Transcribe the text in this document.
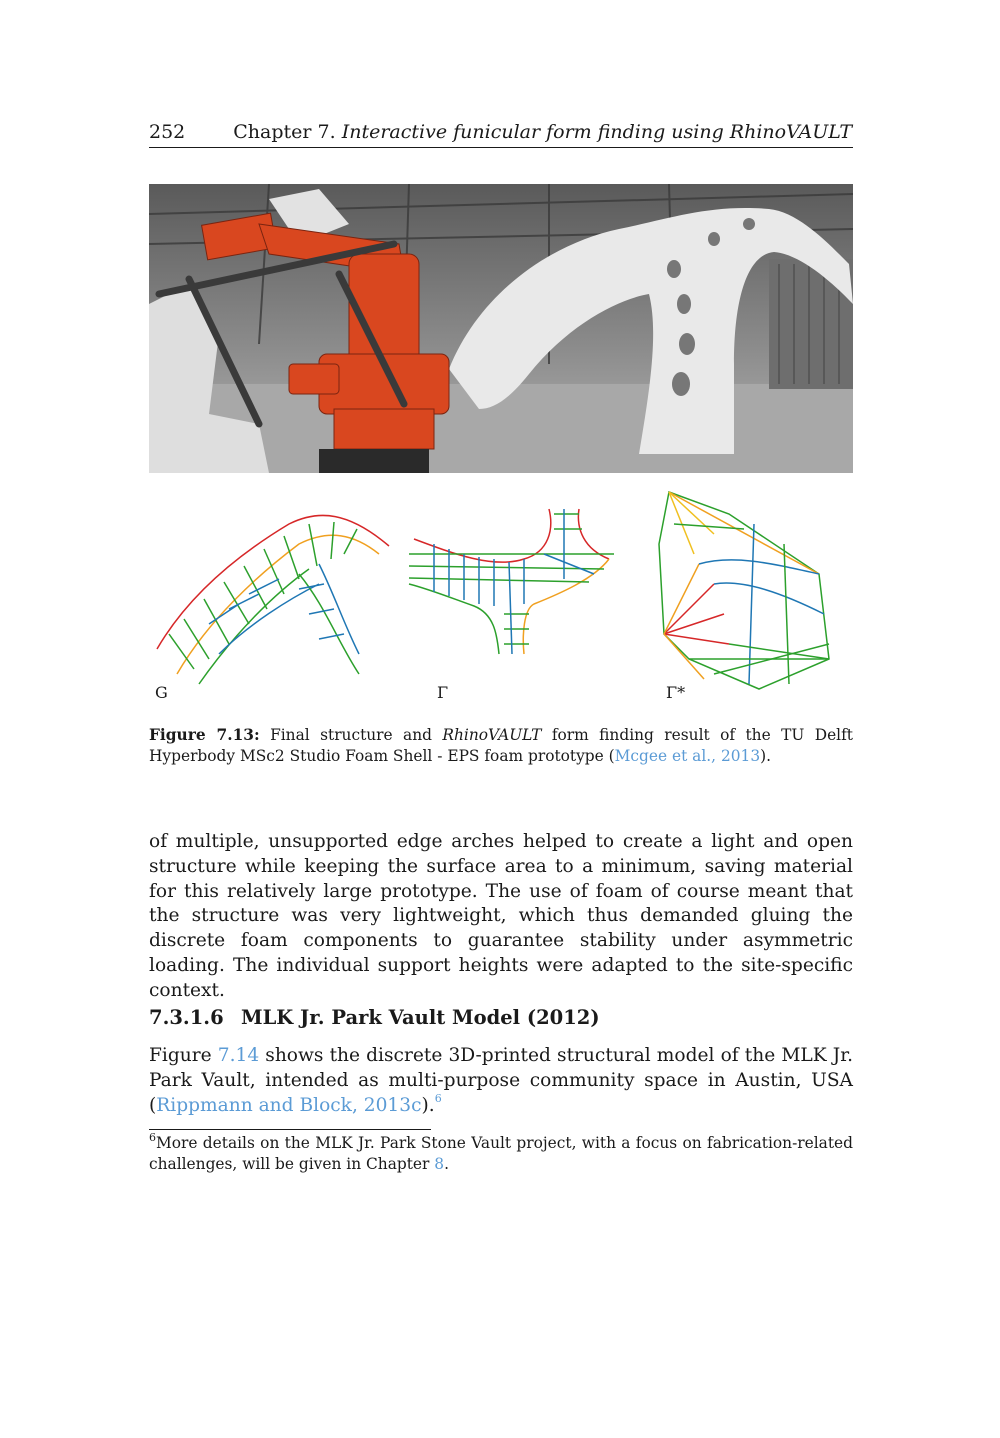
252	Chapter 7. Interactive funicular form finding using RhinoVAULT
G	Γ	Γ*
Figure 7.13: Final structure and RhinoVAULT form finding result of the TU Delft Hyperbody MSc2 Studio Foam Shell - EPS foam prototype (Mcgee et al., 2013).
of multiple, unsupported edge arches helped to create a light and open structure while keeping the surface area to a minimum, saving material for this relatively large prototype. The use of foam of course meant that the structure was very lightweight, which thus demanded gluing the discrete foam components to guarantee stability under asymmetric loading. The individual support heights were adapted to the site-specific context.
7.3.1.6 MLK Jr. Park Vault Model (2012)
Figure 7.14 shows the discrete 3D-printed structural model of the MLK Jr. Park Vault, intended as multi-purpose community space in Austin, USA (Rippmann and Block, 2013c).$^6$
$^6$More details on the MLK Jr. Park Stone Vault project, with a focus on fabrication-related challenges, will be given in Chapter 8.
